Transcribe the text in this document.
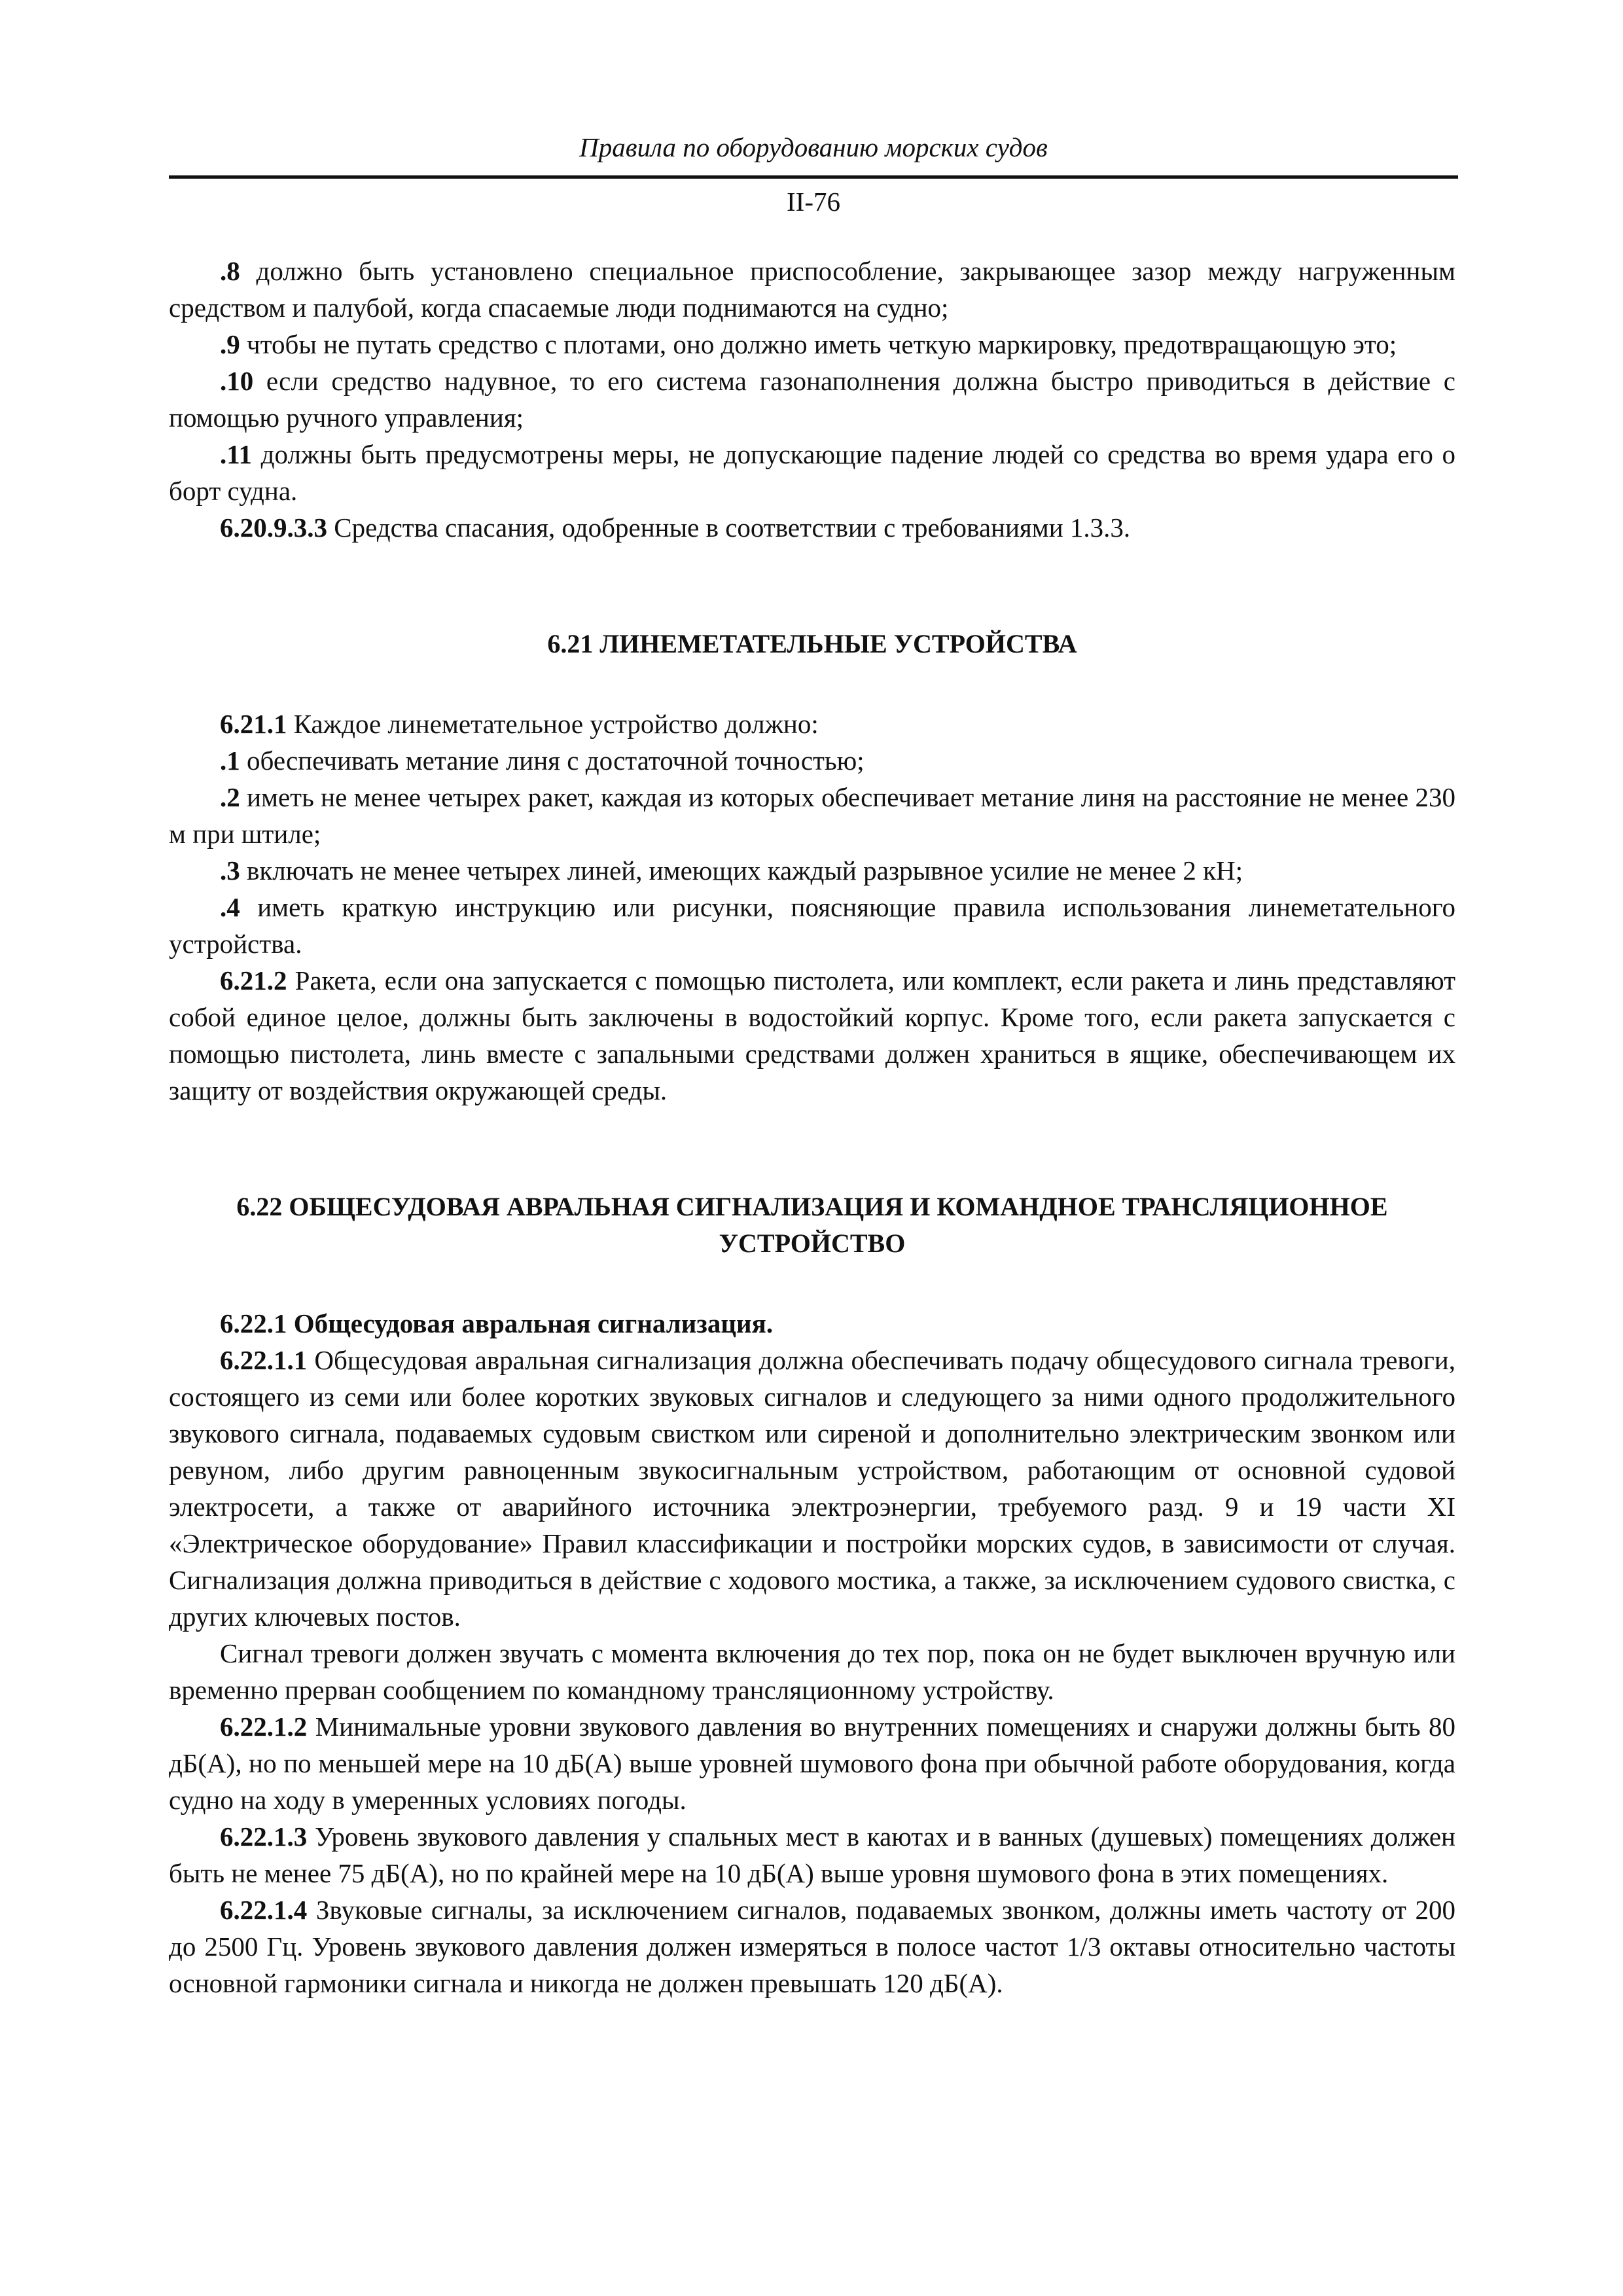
Правила по оборудованию морских судов
II-76

.8 должно быть установлено специальное приспособление, закрывающее зазор между нагруженным средством и палубой, когда спасаемые люди поднимаются на судно;

.9 чтобы не путать средство с плотами, оно должно иметь четкую маркировку, предотвращающую это;

.10 если средство надувное, то его система газонаполнения должна быстро приводиться в действие с помощью ручного управления;

.11 должны быть предусмотрены меры, не допускающие падение людей со средства во время удара его о борт судна.

6.20.9.3.3 Средства спасания, одобренные в соответствии с требованиями 1.3.3.

6.21 ЛИНЕМЕТАТЕЛЬНЫЕ УСТРОЙСТВА

6.21.1 Каждое линеметательное устройство должно:

.1 обеспечивать метание линя с достаточной точностью;

.2 иметь не менее четырех ракет, каждая из которых обеспечивает метание линя на расстояние не менее 230 м при штиле;

.3 включать не менее четырех линей, имеющих каждый разрывное усилие не менее 2 кН;

.4 иметь краткую инструкцию или рисунки, поясняющие правила использования линеметательного устройства.

6.21.2 Ракета, если она запускается с помощью пистолета, или комплект, если ракета и линь представляют собой единое целое, должны быть заключены в водостойкий корпус. Кроме того, если ракета запускается с помощью пистолета, линь вместе с запальными средствами должен храниться в ящике, обеспечивающем их защиту от воздействия окружающей среды.

6.22 ОБЩЕСУДОВАЯ АВРАЛЬНАЯ СИГНАЛИЗАЦИЯ И КОМАНДНОЕ ТРАНСЛЯЦИОННОЕ
УСТРОЙСТВО

6.22.1 Общесудовая авральная сигнализация.

6.22.1.1 Общесудовая авральная сигнализация должна обеспечивать подачу общесудового сигнала тревоги, состоящего из семи или более коротких звуковых сигналов и следующего за ними одного продолжительного звукового сигнала, подаваемых судовым свистком или сиреной и дополнительно электрическим звонком или ревуном, либо другим равноценным звукосигнальным устройством, работающим от основной судовой электросети, а также от аварийного источника электроэнергии, требуемого разд. 9 и 19 части XI «Электрическое оборудование» Правил классификации и постройки морских судов, в зависимости от случая. Сигнализация должна приводиться в действие с ходового мостика, а также, за исключением судового свистка, с других ключевых постов.

Сигнал тревоги должен звучать с момента включения до тех пор, пока он не будет выключен вручную или временно прерван сообщением по командному трансляционному устройству.

6.22.1.2 Минимальные уровни звукового давления во внутренних помещениях и снаружи должны быть 80 дБ(А), но по меньшей мере на 10 дБ(А) выше уровней шумового фона при обычной работе оборудования, когда судно на ходу в умеренных условиях погоды.

6.22.1.3 Уровень звукового давления у спальных мест в каютах и в ванных (душевых) помещениях должен быть не менее 75 дБ(А), но по крайней мере на 10 дБ(А) выше уровня шумового фона в этих помещениях.

6.22.1.4 Звуковые сигналы, за исключением сигналов, подаваемых звонком, должны иметь частоту от 200 до 2500 Гц. Уровень звукового давления должен измеряться в полосе частот 1/3 октавы относительно частоты основной гармоники сигнала и никогда не должен превышать 120 дБ(А).
